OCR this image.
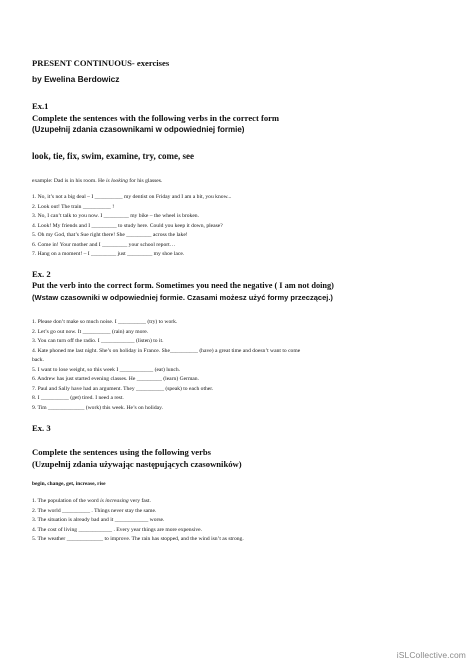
PRESENT CONTINUOUS- exercises
by Ewelina Berdowicz
Ex.1
Complete the sentences with the following verbs in the correct form
(Uzupełnij zdania czasownikami w odpowiedniej formie)
look, tie, fix, swim, examine, try, come, see
example: Dad is in his room. He is looking for his glasses.
1. No, it’s not a big deal – I __________ my dentist on Friday and I am a bit, you know...
2. Look out! The train __________ !
3. No, I can’t talk to you now. I _________ my bike – the wheel is broken.
4. Look! My friends and I _________ to study here. Could you keep it down, please?
5. Oh my God, that’s Sue right there! She _________ across the lake!
6. Come in! Your mother and I _________ your school report…
7. Hang on a moment! – I _________ just _________ my shoe lace.
Ex. 2
Put the verb into the correct form. Sometimes you need the negative ( I am not doing)
(Wstaw czasowniki w odpowiedniej formie. Czasami możesz użyć formy przeczącej.)
1. Please don’t make so much noise. I __________ (try) to work.
2. Let’s go out now. It __________ (rain) any more.
3. You can turn off the radio. I ____________ (listen) to it.
4. Kate phoned me last night. She’s on holiday in France. She__________ (have) a great time and doesn’t want to come
back.
5. I want to lose weight, so this week I ____________ (eat) lunch.
6. Andrew has just started evening classes. He _________ (learn) German.
7. Paul and Sally have had an argument. They __________ (speak) to each other.
8. I __________ (get) tired. I need a rest.
9. Tim _____________ (work) this week. He’s on holiday.
Ex. 3
Complete the sentences using the following verbs
(Uzupełnij zdania używając następujących czasowników)
begin, change, get, increase, rise
1. The population of the word is increasing very fast.
2. The world __________ . Things never stay the same.
3. The situation is already bad and it ____________ worse.
4. The cost of living ____________ . Every year things are more expensive.
5. The weather _____________ to improve. The rain has stopped, and the wind isn’t as strong.
iSLCollective.com
